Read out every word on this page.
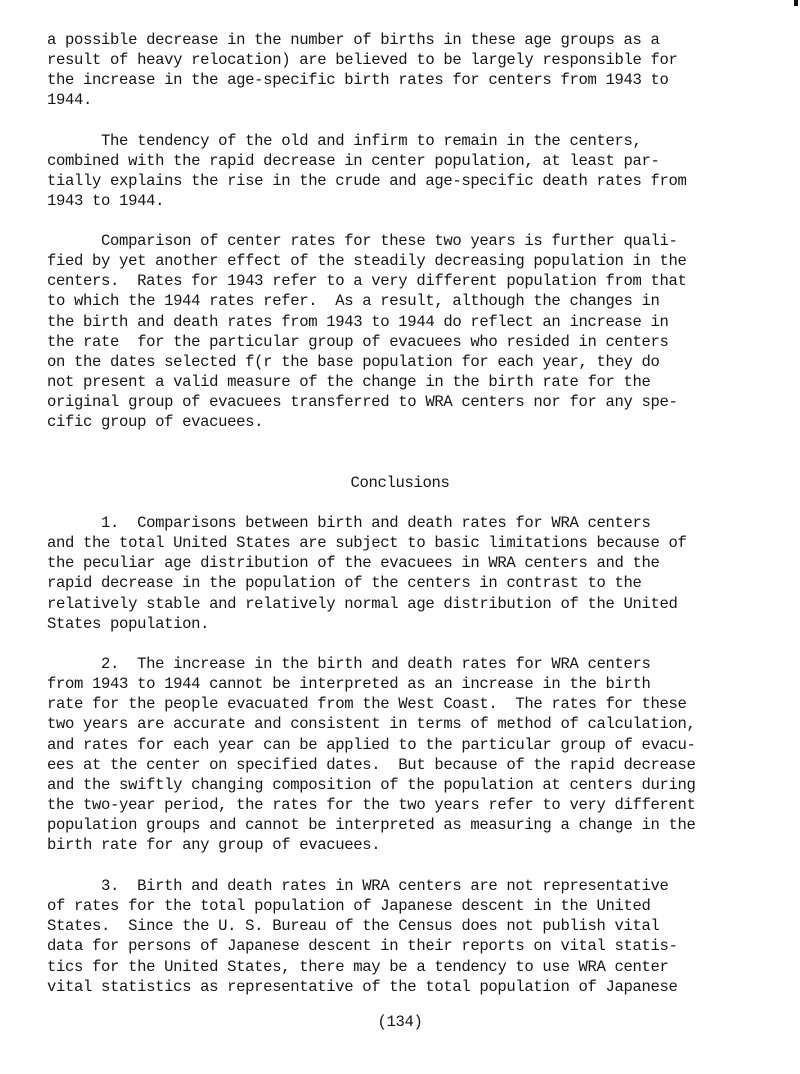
a possible decrease in the number of births in these age groups as a
result of heavy relocation) are believed to be largely responsible for
the increase in the age-specific birth rates for centers from 1943 to
1944.
The tendency of the old and infirm to remain in the centers,
combined with the rapid decrease in center population, at least par-
tially explains the rise in the crude and age-specific death rates from
1943 to 1944.
Comparison of center rates for these two years is further quali-
fied by yet another effect of the steadily decreasing population in the
centers.  Rates for 1943 refer to a very different population from that
to which the 1944 rates refer.  As a result, although the changes in
the birth and death rates from 1943 to 1944 do reflect an increase in
the rate  for the particular group of evacuees who resided in centers
on the dates selected f(r the base population for each year, they do
not present a valid measure of the change in the birth rate for the
original group of evacuees transferred to WRA centers nor for any spe-
cific group of evacuees.
Conclusions
1.  Comparisons between birth and death rates for WRA centers
and the total United States are subject to basic limitations because of
the peculiar age distribution of the evacuees in WRA centers and the
rapid decrease in the population of the centers in contrast to the
relatively stable and relatively normal age distribution of the United
States population.
2.  The increase in the birth and death rates for WRA centers
from 1943 to 1944 cannot be interpreted as an increase in the birth
rate for the people evacuated from the West Coast.  The rates for these
two years are accurate and consistent in terms of method of calculation,
and rates for each year can be applied to the particular group of evacu-
ees at the center on specified dates.  But because of the rapid decrease
and the swiftly changing composition of the population at centers during
the two-year period, the rates for the two years refer to very different
population groups and cannot be interpreted as measuring a change in the
birth rate for any group of evacuees.
3.  Birth and death rates in WRA centers are not representative
of rates for the total population of Japanese descent in the United
States.  Since the U. S. Bureau of the Census does not publish vital
data for persons of Japanese descent in their reports on vital statis-
tics for the United States, there may be a tendency to use WRA center
vital statistics as representative of the total population of Japanese
(134)
